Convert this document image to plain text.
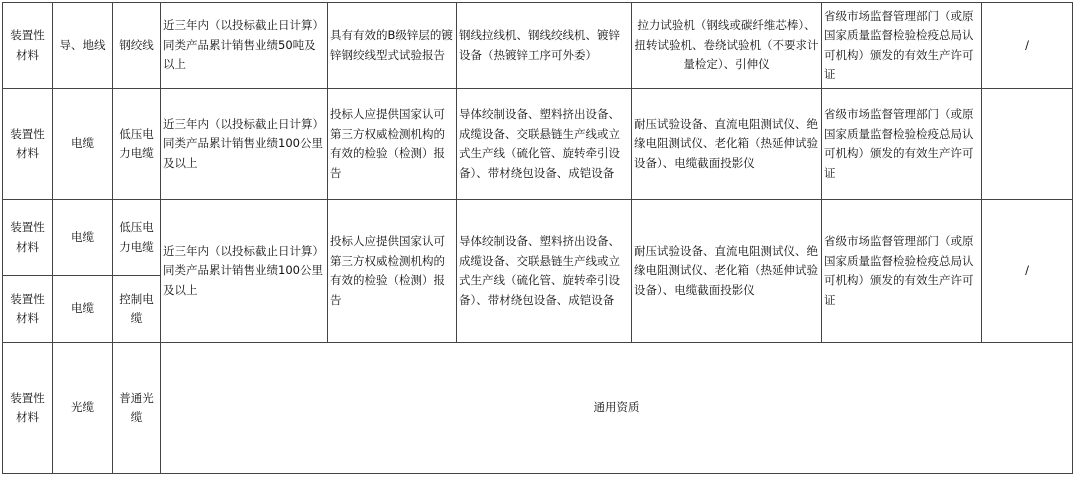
装置性材料	导、地线	钢绞线	近三年内（以投标截止日计算）同类产品累计销售业绩50吨及以上	具有有效的B级锌层的镀锌钢绞线型式试验报告	钢线拉线机、钢线绞线机、镀锌设备（热镀锌工序可外委）	拉力试验机（钢线或碳纤维芯棒）、扭转试验机、卷绕试验机（不要求计量检定）、引伸仪	省级市场监督管理部门（或原国家质量监督检验检疫总局认可机构）颁发的有效生产许可证	/
装置性材料	电缆	低压电力电缆	近三年内（以投标截止日计算）同类产品累计销售业绩100公里及以上	投标人应提供国家认可第三方权威检测机构的有效的检验（检测）报告	导体绞制设备、塑料挤出设备、成缆设备、交联悬链生产线或立式生产线（硫化管、旋转牵引设备）、带材绕包设备、成铠设备	耐压试验设备、直流电阻测试仪、绝缘电阻测试仪、老化箱（热延伸试验设备）、电缆截面投影仪	省级市场监督管理部门（或原国家质量监督检验检疫总局认可机构）颁发的有效生产许可证	
装置性材料	电缆	低压电力电缆	近三年内（以投标截止日计算）同类产品累计销售业绩100公里及以上	投标人应提供国家认可第三方权威检测机构的有效的检验（检测）报告	导体绞制设备、塑料挤出设备、成缆设备、交联悬链生产线或立式生产线（硫化管、旋转牵引设备）、带材绕包设备、成铠设备	耐压试验设备、直流电阻测试仪、绝缘电阻测试仪、老化箱（热延伸试验设备）、电缆截面投影仪	省级市场监督管理部门（或原国家质量监督检验检疫总局认可机构）颁发的有效生产许可证	/
装置性材料	电缆	控制电缆						
装置性材料	光缆	普通光缆	通用资质					
